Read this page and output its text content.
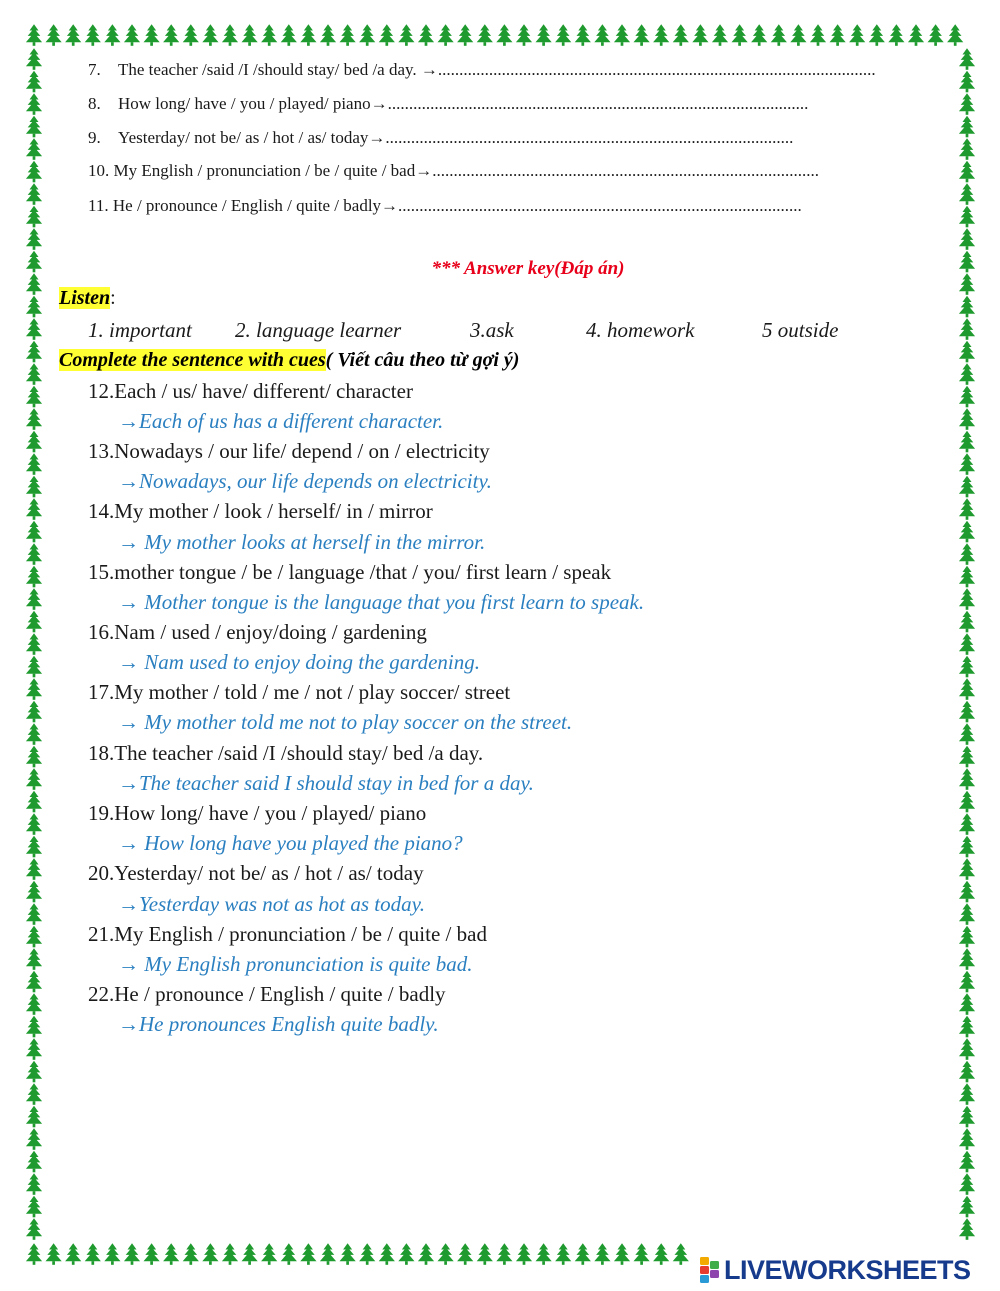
7. The teacher /said /I /should stay/ bed /a day. →.......................................................................................................
8. How long/ have / you / played/ piano→...................................................................................................
9. Yesterday/ not be/ as / hot / as/ today→................................................................................................
10. My English / pronunciation / be / quite / bad→...........................................................................................
11. He / pronounce / English / quite / badly→...............................................................................................
*** Answer key(Đáp án)
Listen:
1. important 2. language learner	3.ask	4. homework	5 outside
Complete the sentence with cues( Viết câu theo từ gợi ý)
12.Each / us/ have/ different/ character
→Each of us has a different character.
13.Nowadays / our life/ depend / on / electricity
→Nowadays, our life depends on electricity.
14.My mother / look / herself/ in / mirror
→ My mother looks at herself in the mirror.
15.mother tongue / be / language /that / you/ first learn / speak
→ Mother tongue is the language that you first learn to speak.
16.Nam / used / enjoy/doing / gardening
→ Nam used to enjoy doing the gardening.
17.My mother / told / me / not / play soccer/ street
→ My mother told me not to play soccer on the street.
18.The teacher /said /I /should stay/ bed /a day.
→The teacher said I should stay in bed for a day.
19.How long/ have / you / played/ piano
→ How long have you played the piano?
20.Yesterday/ not be/ as / hot / as/ today
→Yesterday was not as hot as today.
21.My English / pronunciation / be / quite / bad
→ My English pronunciation is quite bad.
22.He / pronounce / English / quite / badly
→He pronounces English quite badly.
LIVEWORKSHEETS
